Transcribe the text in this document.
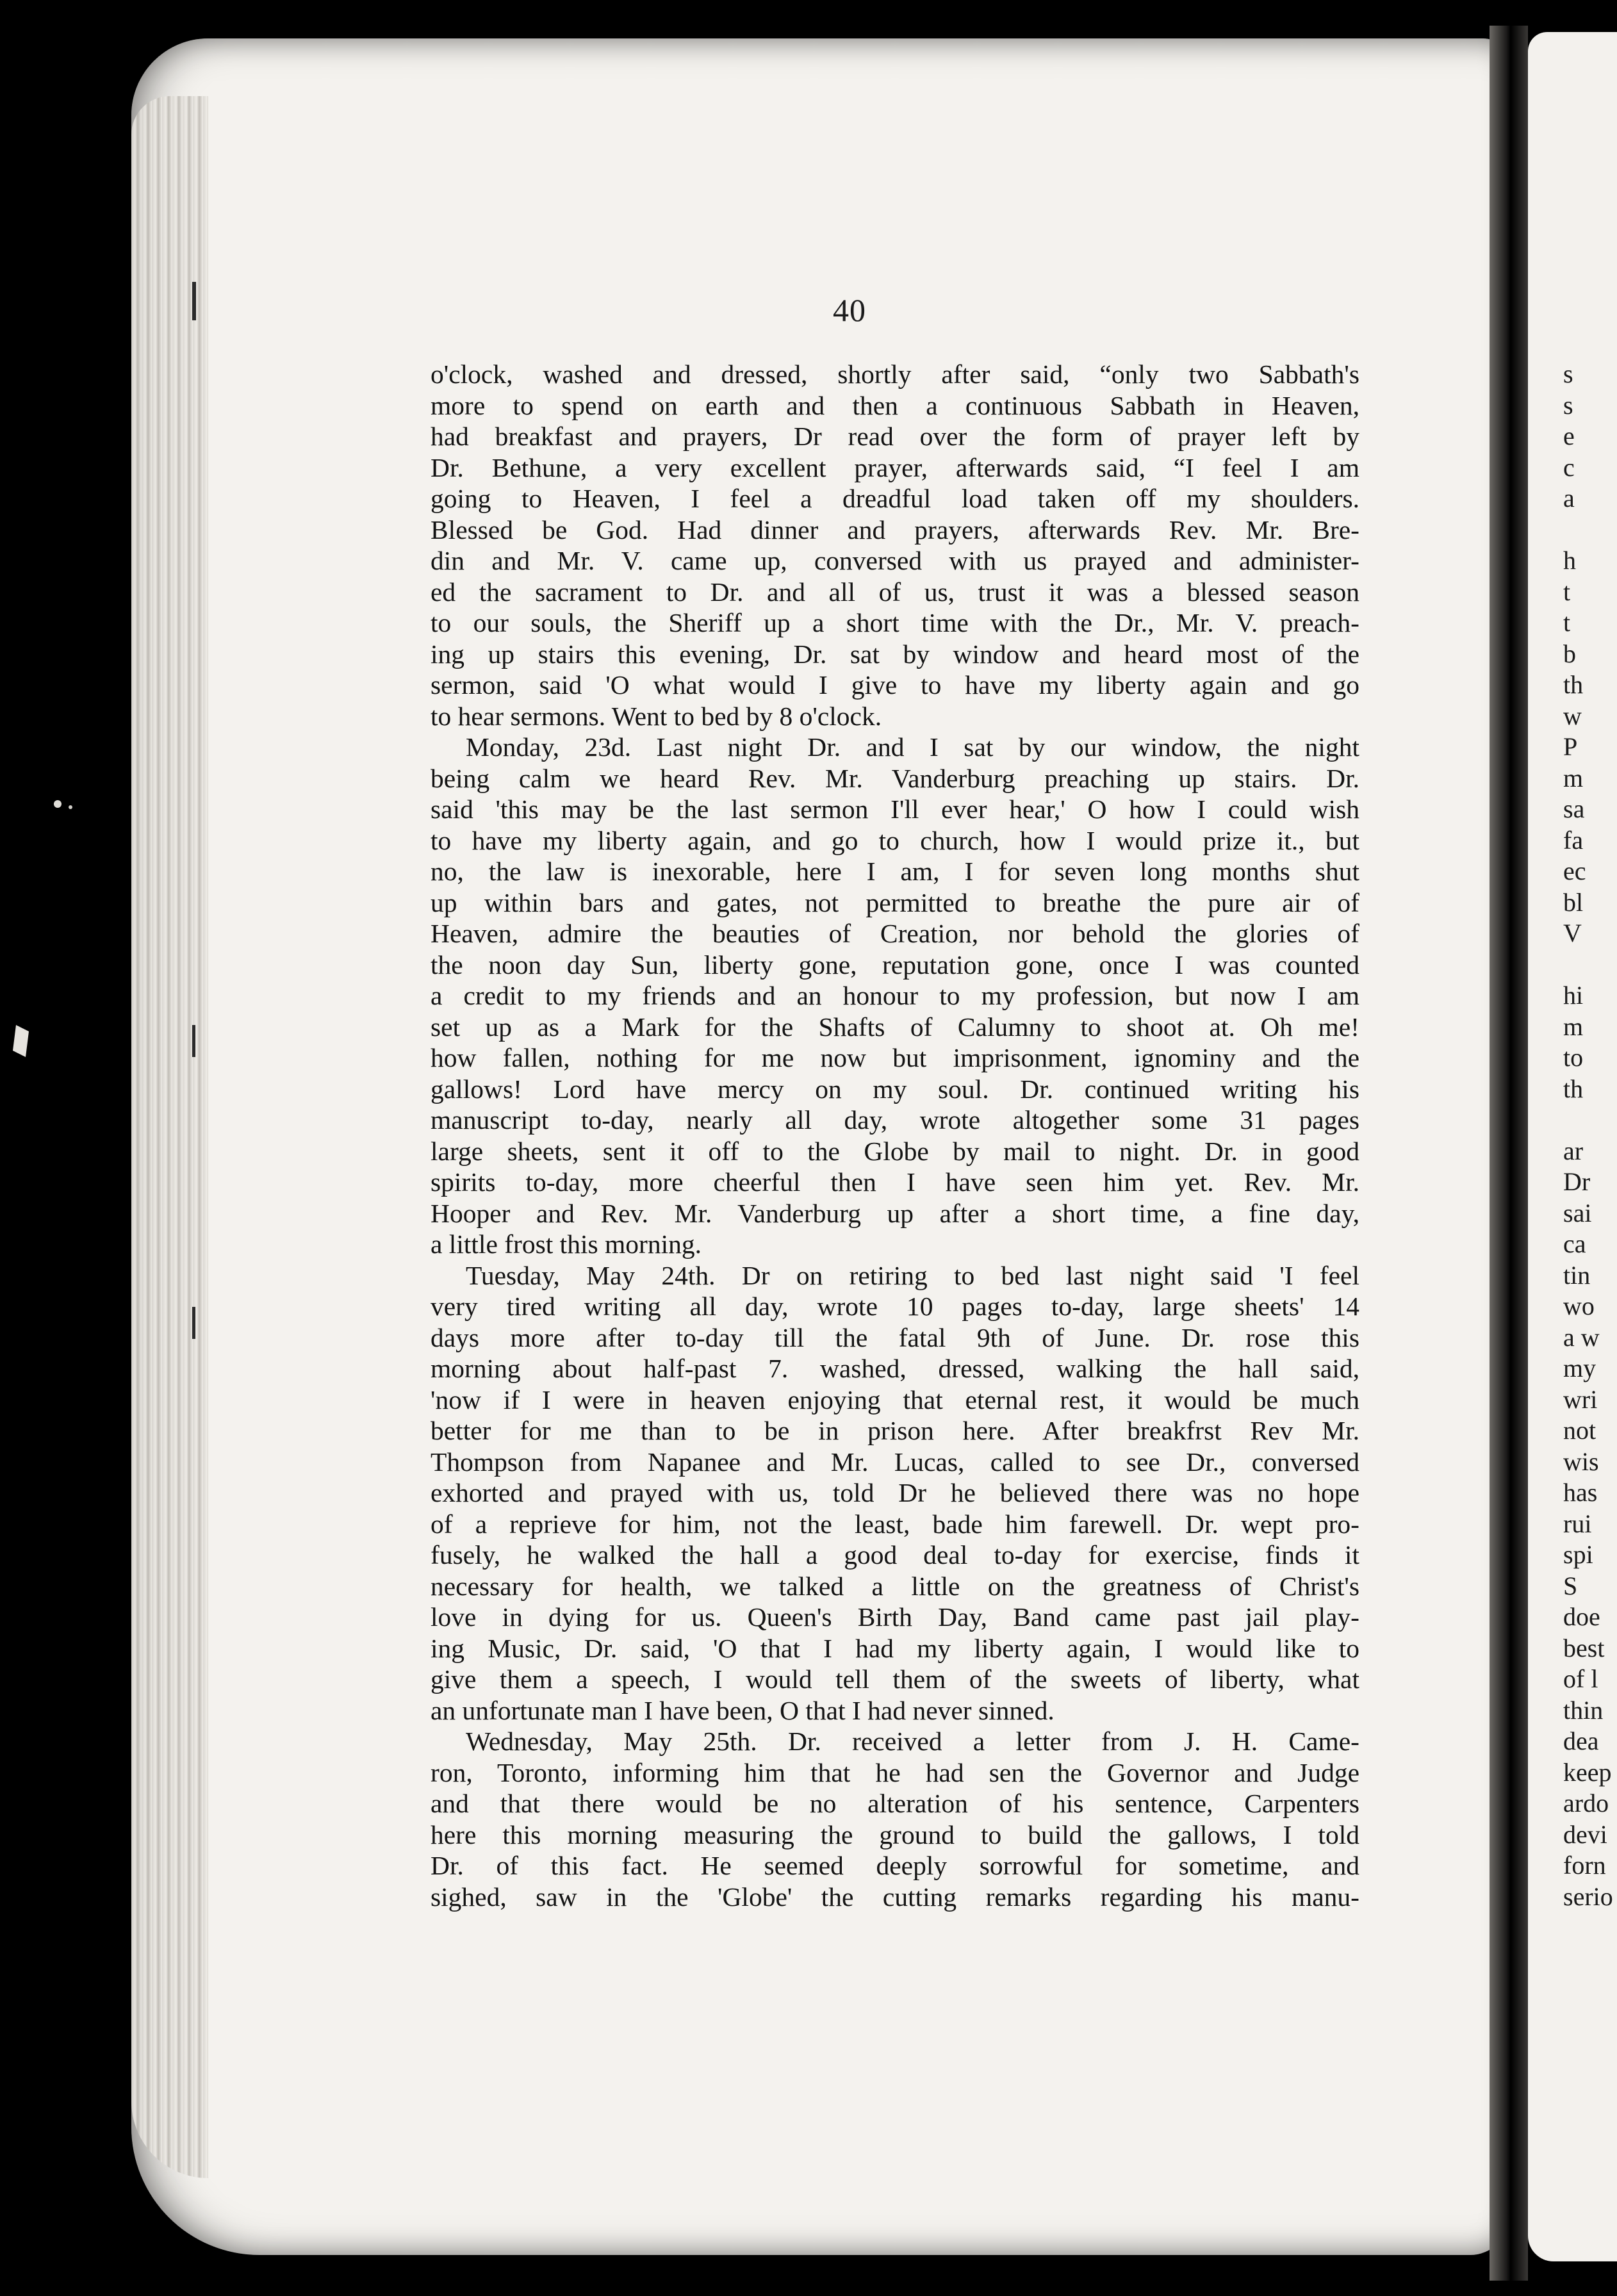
40
o'clock, washed and dressed, shortly after said, “only two Sabbath's
more to spend on earth and then a continuous Sabbath in Heaven,
had breakfast and prayers, Dr read over the form of prayer left by
Dr. Bethune, a very excellent prayer, afterwards said, “I feel I am
going to Heaven, I feel a dreadful load taken off my shoulders.
Blessed be God. Had dinner and prayers, afterwards Rev. Mr. Bre-
din and Mr. V. came up, conversed with us prayed and administer-
ed the sacrament to Dr. and all of us, trust it was a blessed season
to our souls, the Sheriff up a short time with the Dr., Mr. V. preach-
ing up stairs this evening, Dr. sat by window and heard most of the
sermon, said 'O what would I give to have my liberty again and go
to hear sermons. Went to bed by 8 o'clock.
Monday, 23d. Last night Dr. and I sat by our window, the night
being calm we heard Rev. Mr. Vanderburg preaching up stairs. Dr.
said 'this may be the last sermon I'll ever hear,' O how I could wish
to have my liberty again, and go to church, how I would prize it., but
no, the law is inexorable, here I am, I for seven long months shut
up within bars and gates, not permitted to breathe the pure air of
Heaven, admire the beauties of Creation, nor behold the glories of
the noon day Sun, liberty gone, reputation gone, once I was counted
a credit to my friends and an honour to my profession, but now I am
set up as a Mark for the Shafts of Calumny to shoot at. Oh me!
how fallen, nothing for me now but imprisonment, ignominy and the
gallows! Lord have mercy on my soul. Dr. continued writing his
manuscript to-day, nearly all day, wrote altogether some 31 pages
large sheets, sent it off to the Globe by mail to night. Dr. in good
spirits to-day, more cheerful then I have seen him yet. Rev. Mr.
Hooper and Rev. Mr. Vanderburg up after a short time, a fine day,
a little frost this morning.
Tuesday, May 24th. Dr on retiring to bed last night said 'I feel
very tired writing all day, wrote 10 pages to-day, large sheets' 14
days more after to-day till the fatal 9th of June. Dr. rose this
morning about half-past 7. washed, dressed, walking the hall said,
'now if I were in heaven enjoying that eternal rest, it would be much
better for me than to be in prison here. After breakfrst Rev Mr.
Thompson from Napanee and Mr. Lucas, called to see Dr., conversed
exhorted and prayed with us, told Dr he believed there was no hope
of a reprieve for him, not the least, bade him farewell. Dr. wept pro-
fusely, he walked the hall a good deal to-day for exercise, finds it
necessary for health, we talked a little on the greatness of Christ's
love in dying for us. Queen's Birth Day, Band came past jail play-
ing Music, Dr. said, 'O that I had my liberty again, I would like to
give them a speech, I would tell them of the sweets of liberty, what
an unfortunate man I have been, O that I had never sinned.
Wednesday, May 25th. Dr. received a letter from J. H. Came-
ron, Toronto, informing him that he had sen the Governor and Judge
and that there would be no alteration of his sentence, Carpenters
here this morning measuring the ground to build the gallows, I told
Dr. of this fact. He seemed deeply sorrowful for sometime, and
sighed, saw in the 'Globe' the cutting remarks regarding his manu-
s
s
e
c
a
h
t
t
b
th
w
P
m
sa
fa
ec
bl
V
hi
m
to
th
ar
Dr
sai
ca
tin
wo
a w
my
wri
not
wis
has
rui
spi
S
doe
best
of l
thin
dea
keep
ardo
devi
forn
serio
